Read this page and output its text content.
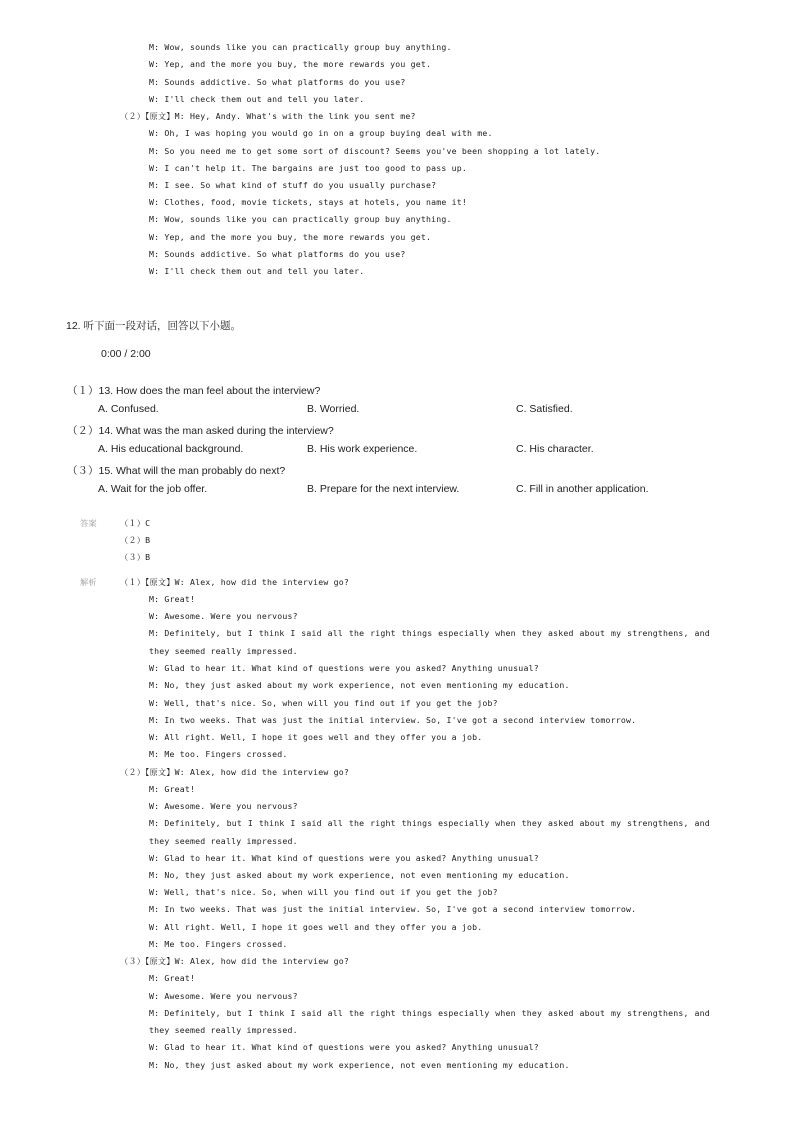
M: Wow, sounds like you can practically group buy anything.
W: Yep, and the more you buy, the more rewards you get.
M: Sounds addictive. So what platforms do you use?
W: I'll check them out and tell you later.
（２）【原文】M: Hey, Andy. What's with the link you sent me?
W: Oh, I was hoping you would go in on a group buying deal with me.
M: So you need me to get some sort of discount? Seems you've been shopping a lot lately.
W: I can't help it. The bargains are just too good to pass up.
M: I see. So what kind of stuff do you usually purchase?
W: Clothes, food, movie tickets, stays at hotels, you name it!
M: Wow, sounds like you can practically group buy anything.
W: Yep, and the more you buy, the more rewards you get.
M: Sounds addictive. So what platforms do you use?
W: I'll check them out and tell you later.
12. 听下面一段对话，回答以下小题。
0:00 / 2:00
（１）13. How does the man feel about the interview?
A. Confused.	B. Worried.	C. Satisfied.
（２）14. What was the man asked during the interview?
A. His educational background.	B. His work experience.	C. His character.
（３）15. What will the man probably do next?
A. Wait for the job offer.	B. Prepare for the next interview.	C. Fill in another application.
答案	（１）C
（２）B
（３）B
解析	（１）【原文】W: Alex, how did the interview go?
M: Great!
W: Awesome. Were you nervous?
M: Definitely, but I think I said all the right things especially when they asked about my strengthens, and
they seemed really impressed.
W: Glad to hear it. What kind of questions were you asked? Anything unusual?
M: No, they just asked about my work experience, not even mentioning my education.
W: Well, that's nice. So, when will you find out if you get the job?
M: In two weeks. That was just the initial interview. So, I've got a second interview tomorrow.
W: All right. Well, I hope it goes well and they offer you a job.
M: Me too. Fingers crossed.
（２）【原文】W: Alex, how did the interview go?
M: Great!
W: Awesome. Were you nervous?
M: Definitely, but I think I said all the right things especially when they asked about my strengthens, and
they seemed really impressed.
W: Glad to hear it. What kind of questions were you asked? Anything unusual?
M: No, they just asked about my work experience, not even mentioning my education.
W: Well, that's nice. So, when will you find out if you get the job?
M: In two weeks. That was just the initial interview. So, I've got a second interview tomorrow.
W: All right. Well, I hope it goes well and they offer you a job.
M: Me too. Fingers crossed.
（３）【原文】W: Alex, how did the interview go?
M: Great!
W: Awesome. Were you nervous?
M: Definitely, but I think I said all the right things especially when they asked about my strengthens, and
they seemed really impressed.
W: Glad to hear it. What kind of questions were you asked? Anything unusual?
M: No, they just asked about my work experience, not even mentioning my education.
